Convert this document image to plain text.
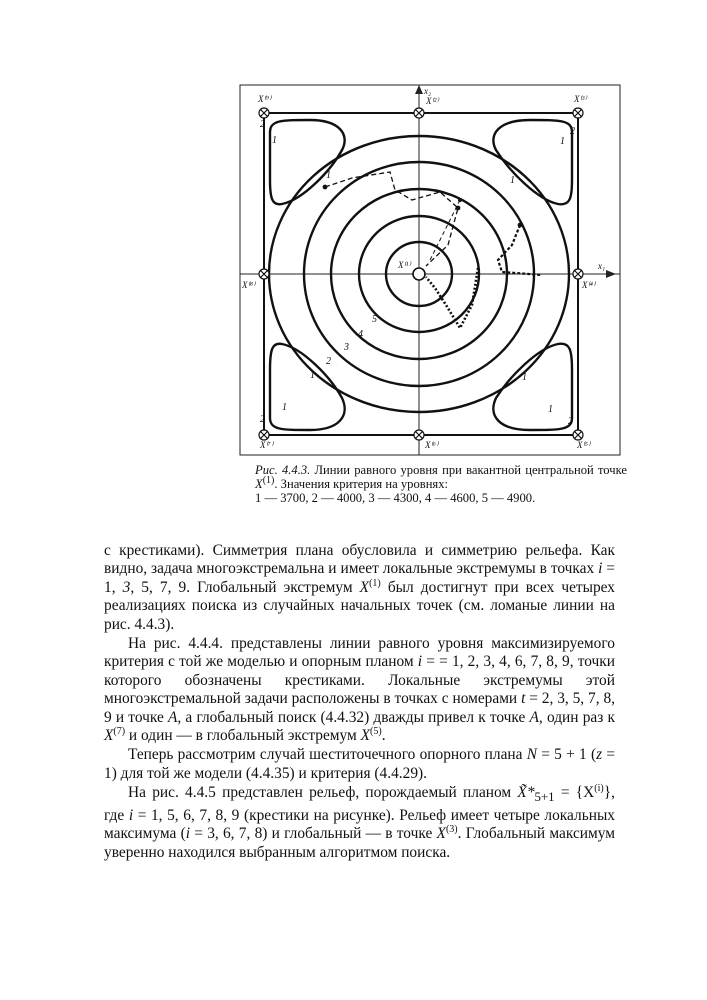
x₂
x₁
X⁽⁹⁾	X⁽²⁾	X⁽³⁾
X⁽¹⁾
X⁽⁸⁾	X⁽⁴⁾
X⁽⁷⁾	X⁽⁶⁾	X⁽⁵⁾
2
1
2
1
1	1
5
4
3
2
1	1
1
2
1
2
Рис. 4.4.3. Линии равного уровня при вакантной центральной точке $X^{(1)}$. Значения критерия на уровнях:
1 — 3700, 2 — 4000, 3 — 4300, 4 — 4600, 5 — 4900.

с крестиками). Симметрия плана обусловила и симметрию рельефа. Как видно, задача многоэкстремальна и имеет локальные экстремумы в точках i = 1, 3, 5, 7, 9. Глобальный экстремум $X^{(1)}$ был достигнут при всех четырех реализациях поиска из случайных начальных точек (см. ломаные линии на рис. 4.4.3).

На рис. 4.4.4. представлены линии равного уровня максимизируемого критерия с той же моделью и опорным планом i = = 1, 2, 3, 4, 6, 7, 8, 9, точки которого обозначены крестиками. Локальные экстремумы этой многоэкстремальной задачи расположены в точках с номерами t = 2, 3, 5, 7, 8, 9 и точке A, а глобальный поиск (4.4.32) дважды привел к точке A, один раз к $X^{(7)}$ и один — в глобальный экстремум $X^{(5)}$.

Теперь рассмотрим случай шеститочечного опорного плана N = 5 + 1 (z = 1) для той же модели (4.4.35) и критерия (4.4.29).

На рис. 4.4.5 представлен рельеф, порождаемый планом $X̃*_{5+1} = \{X^{(i)}\}$, где i = 1, 5, 6, 7, 8, 9 (крестики на рисунке). Рельеф имеет четыре локальных максимума (i = 3, 6, 7, 8) и глобальный — в точке $X^{(3)}$. Глобальный максимум уверенно находился выбранным алгоритмом поиска.
